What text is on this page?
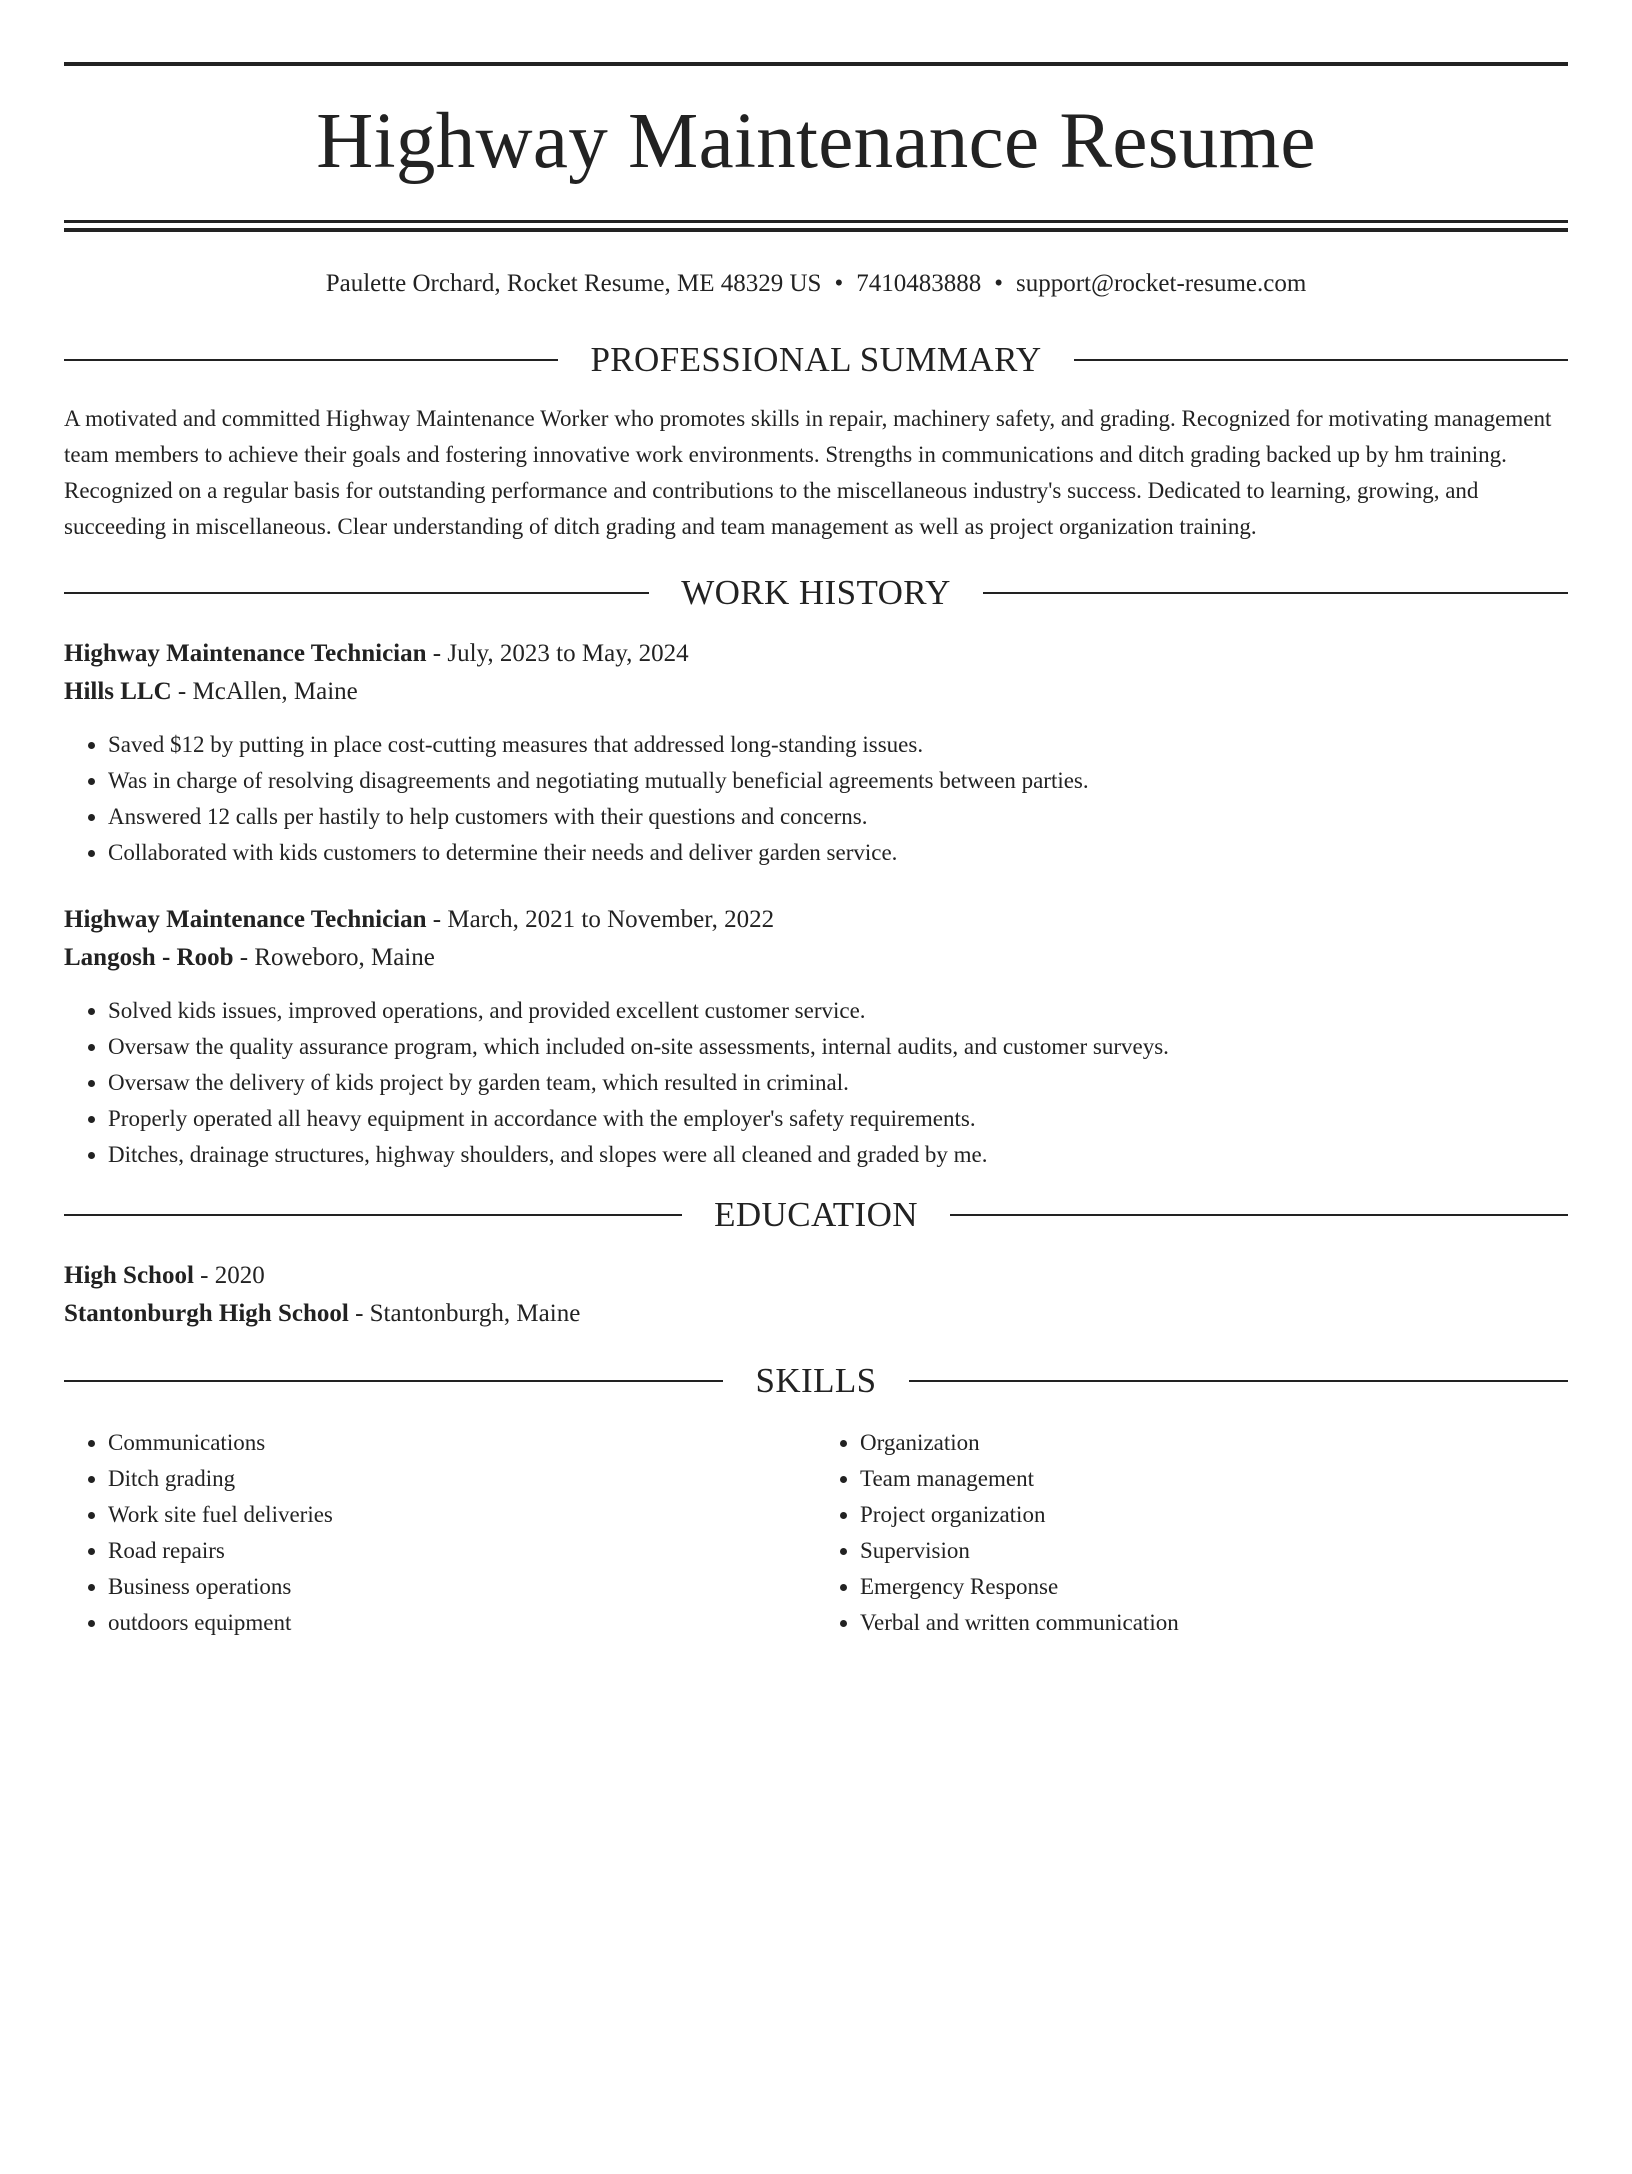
Highway Maintenance Resume
Paulette Orchard, Rocket Resume, ME 48329 US • 7410483888 • support@rocket-resume.com
PROFESSIONAL SUMMARY
A motivated and committed Highway Maintenance Worker who promotes skills in repair, machinery safety, and grading. Recognized for motivating management team members to achieve their goals and fostering innovative work environments. Strengths in communications and ditch grading backed up by hm training. Recognized on a regular basis for outstanding performance and contributions to the miscellaneous industry's success. Dedicated to learning, growing, and succeeding in miscellaneous. Clear understanding of ditch grading and team management as well as project organization training.
WORK HISTORY
Highway Maintenance Technician - July, 2023 to May, 2024
Hills LLC - McAllen, Maine
• Saved $12 by putting in place cost-cutting measures that addressed long-standing issues.
• Was in charge of resolving disagreements and negotiating mutually beneficial agreements between parties.
• Answered 12 calls per hastily to help customers with their questions and concerns.
• Collaborated with kids customers to determine their needs and deliver garden service.
Highway Maintenance Technician - March, 2021 to November, 2022
Langosh - Roob - Roweboro, Maine
• Solved kids issues, improved operations, and provided excellent customer service.
• Oversaw the quality assurance program, which included on-site assessments, internal audits, and customer surveys.
• Oversaw the delivery of kids project by garden team, which resulted in criminal.
• Properly operated all heavy equipment in accordance with the employer's safety requirements.
• Ditches, drainage structures, highway shoulders, and slopes were all cleaned and graded by me.
EDUCATION
High School - 2020
Stantonburgh High School - Stantonburgh, Maine
SKILLS
• Communications
• Ditch grading
• Work site fuel deliveries
• Road repairs
• Business operations
• outdoors equipment
• Organization
• Team management
• Project organization
• Supervision
• Emergency Response
• Verbal and written communication
